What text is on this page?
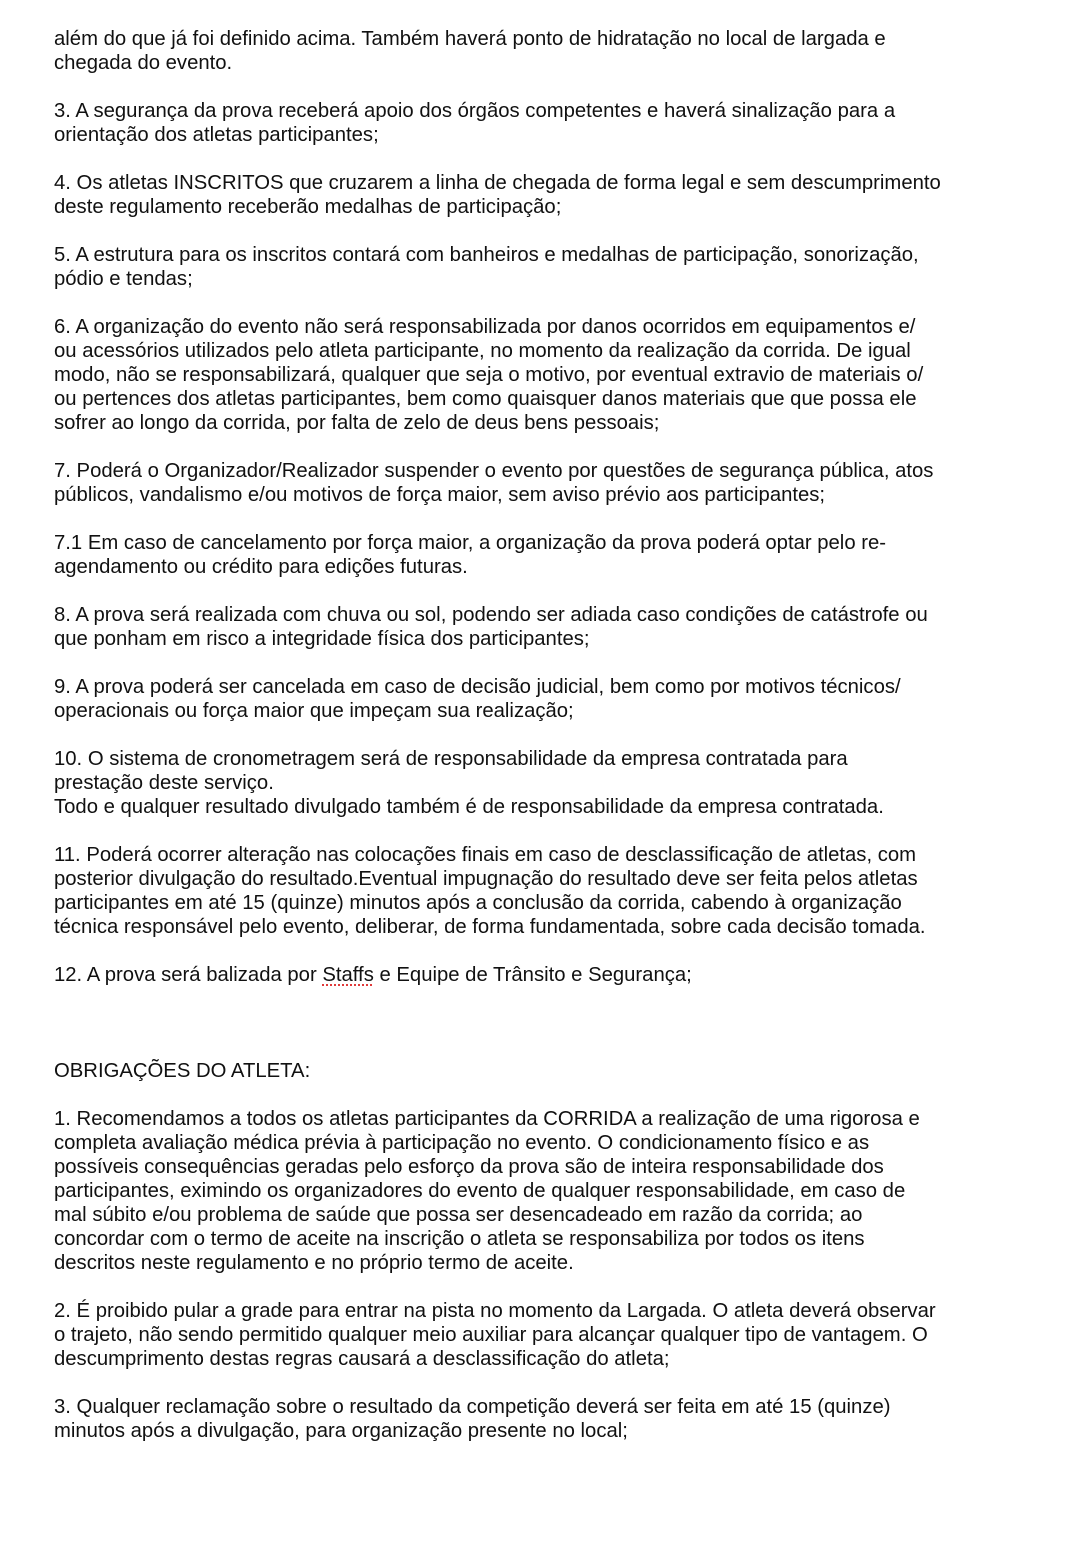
além do que já foi definido acima. Também haverá ponto de hidratação no local de largada e
chegada do evento.
3. A segurança da prova receberá apoio dos órgãos competentes e haverá sinalização para a
orientação dos atletas participantes;
4. Os atletas INSCRITOS que cruzarem a linha de chegada de forma legal e sem descumprimento
deste regulamento receberão medalhas de participação;
5. A estrutura para os inscritos contará com banheiros e medalhas de participação, sonorização,
pódio e tendas;
6. A organização do evento não será responsabilizada por danos ocorridos em equipamentos e/
ou acessórios utilizados pelo atleta participante, no momento da realização da corrida. De igual
modo, não se responsabilizará, qualquer que seja o motivo, por eventual extravio de materiais o/
ou pertences dos atletas participantes, bem como quaisquer danos materiais que que possa ele
sofrer ao longo da corrida, por falta de zelo de deus bens pessoais;
7. Poderá o Organizador/Realizador suspender o evento por questões de segurança pública, atos
públicos, vandalismo e/ou motivos de força maior, sem aviso prévio aos participantes;
7.1 Em caso de cancelamento por força maior, a organização da prova poderá optar pelo re-
agendamento ou crédito para edições futuras.
8. A prova será realizada com chuva ou sol, podendo ser adiada caso condições de catástrofe ou
que ponham em risco a integridade física dos participantes;
9. A prova poderá ser cancelada em caso de decisão judicial, bem como por motivos técnicos/
operacionais ou força maior que impeçam sua realização;
10. O sistema de cronometragem será de responsabilidade da empresa contratada para
prestação deste serviço.
Todo e qualquer resultado divulgado também é de responsabilidade da empresa contratada.
11. Poderá ocorrer alteração nas colocações finais em caso de desclassificação de atletas, com
posterior divulgação do resultado.Eventual impugnação do resultado deve ser feita pelos atletas
participantes em até 15 (quinze) minutos após a conclusão da corrida, cabendo à organização
técnica responsável pelo evento, deliberar, de forma fundamentada, sobre cada decisão tomada.
12. A prova será balizada por Staffs e Equipe de Trânsito e Segurança;
OBRIGAÇÕES DO ATLETA:
1. Recomendamos a todos os atletas participantes da CORRIDA a realização de uma rigorosa e
completa avaliação médica prévia à participação no evento. O condicionamento físico e as
possíveis consequências geradas pelo esforço da prova são de inteira responsabilidade dos
participantes, eximindo os organizadores do evento de qualquer responsabilidade, em caso de
mal súbito e/ou problema de saúde que possa ser desencadeado em razão da corrida; ao
concordar com o termo de aceite na inscrição o atleta se responsabiliza por todos os itens
descritos neste regulamento e no próprio termo de aceite.
2. É proibido pular a grade para entrar na pista no momento da Largada. O atleta deverá observar
o trajeto, não sendo permitido qualquer meio auxiliar para alcançar qualquer tipo de vantagem. O
descumprimento destas regras causará a desclassificação do atleta;
3. Qualquer reclamação sobre o resultado da competição deverá ser feita em até 15 (quinze)
minutos após a divulgação, para organização presente no local;
